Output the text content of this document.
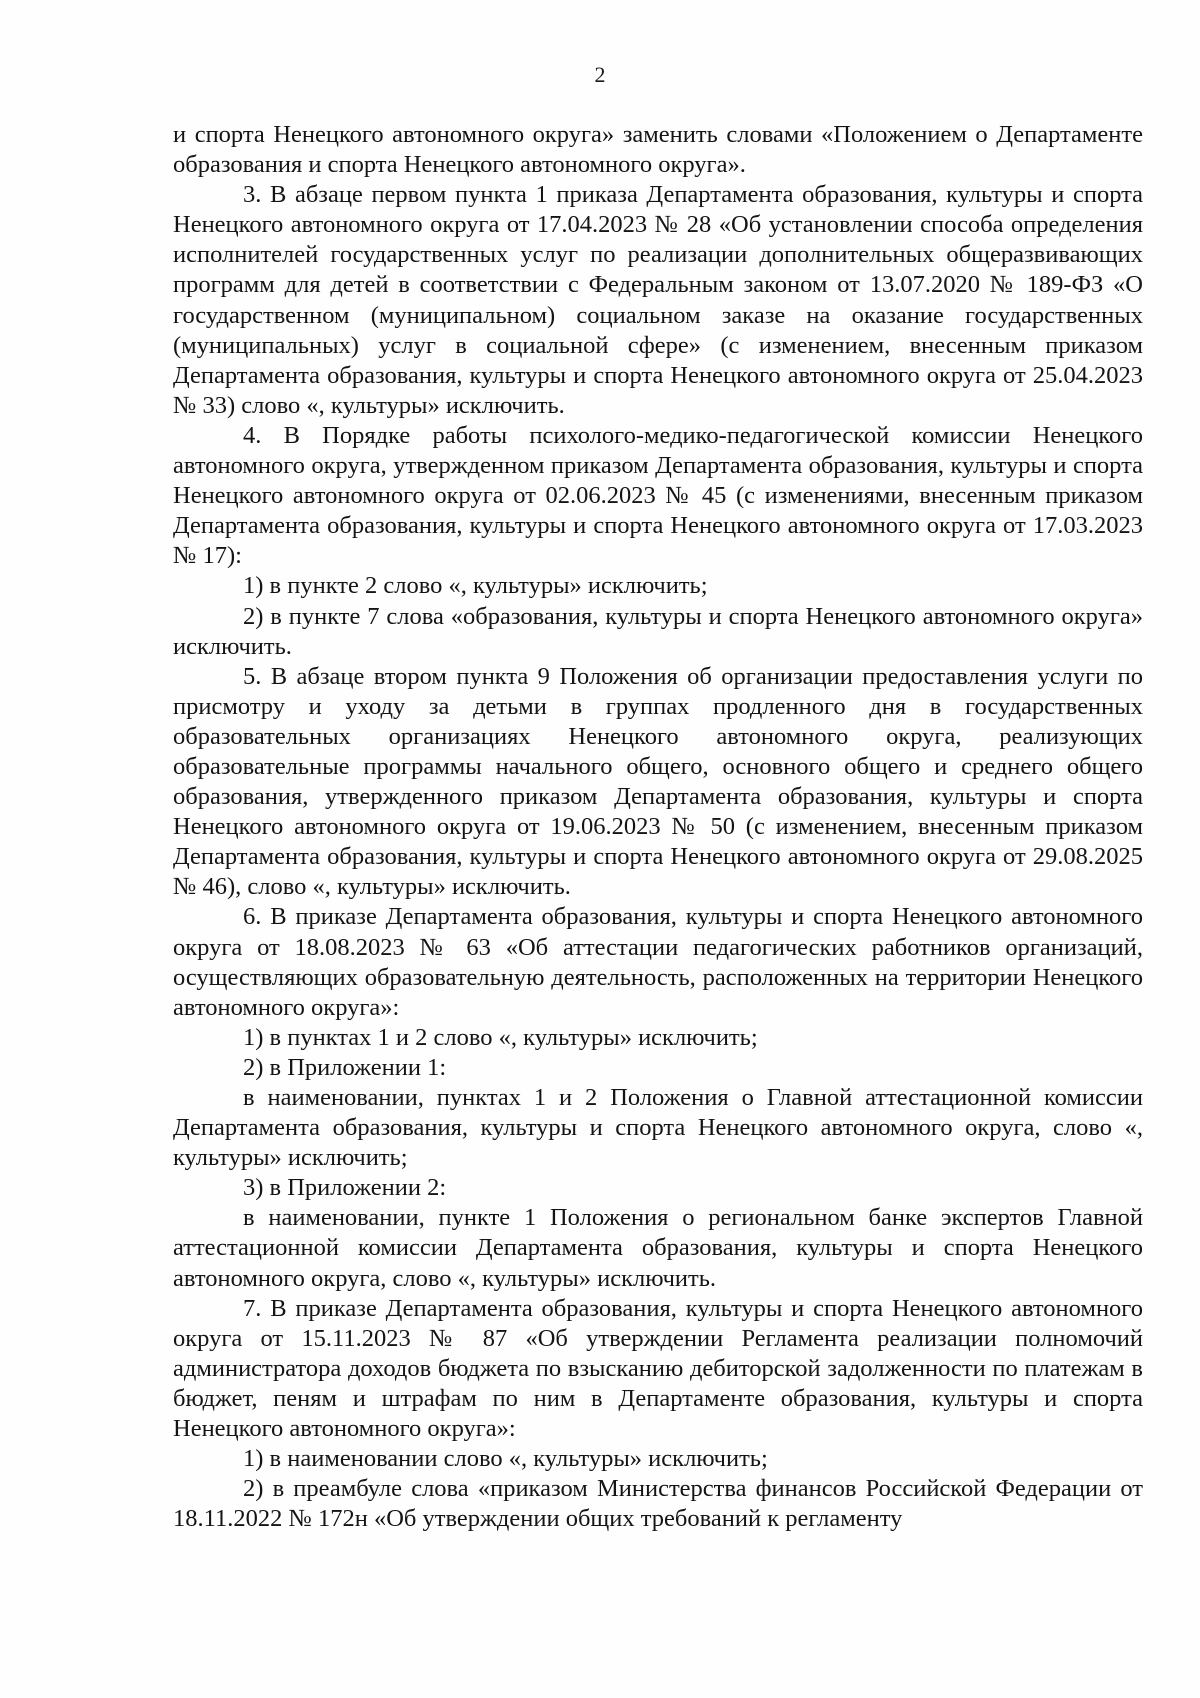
2

и спорта Ненецкого автономного округа» заменить словами «Положением о Департаменте образования и спорта Ненецкого автономного округа».

3. В абзаце первом пункта 1 приказа Департамента образования, культуры и спорта Ненецкого автономного округа от 17.04.2023 № 28 «Об установлении способа определения исполнителей государственных услуг по реализации дополнительных общеразвивающих программ для детей в соответствии с Федеральным законом от 13.07.2020 № 189-ФЗ «О государственном (муниципальном) социальном заказе на оказание государственных (муниципальных) услуг в социальной сфере» (с изменением, внесенным приказом Департамента образования, культуры и спорта Ненецкого автономного округа от 25.04.2023 № 33) слово «, культуры» исключить.

4. В Порядке работы психолого-медико-педагогической комиссии Ненецкого автономного округа, утвержденном приказом Департамента образования, культуры и спорта Ненецкого автономного округа от 02.06.2023 № 45 (с изменениями, внесенным приказом Департамента образования, культуры и спорта Ненецкого автономного округа от 17.03.2023 № 17):

1) в пункте 2 слово «, культуры» исключить;

2) в пункте 7 слова «образования, культуры и спорта Ненецкого автономного округа» исключить.

5. В абзаце втором пункта 9 Положения об организации предоставления услуги по присмотру и уходу за детьми в группах продленного дня в государственных образовательных организациях Ненецкого автономного округа, реализующих образовательные программы начального общего, основного общего и среднего общего образования, утвержденного приказом Департамента образования, культуры и спорта Ненецкого автономного округа от 19.06.2023 № 50 (с изменением, внесенным приказом Департамента образования, культуры и спорта Ненецкого автономного округа от 29.08.2025 № 46), слово «, культуры» исключить.

6. В приказе Департамента образования, культуры и спорта Ненецкого автономного округа от 18.08.2023 № 63 «Об аттестации педагогических работников организаций, осуществляющих образовательную деятельность, расположенных на территории Ненецкого автономного округа»:

1) в пунктах 1 и 2 слово «, культуры» исключить;

2) в Приложении 1:

в наименовании, пунктах 1 и 2 Положения о Главной аттестационной комиссии Департамента образования, культуры и спорта Ненецкого автономного округа, слово «, культуры» исключить;

3) в Приложении 2:

в наименовании, пункте 1 Положения о региональном банке экспертов Главной аттестационной комиссии Департамента образования, культуры и спорта Ненецкого автономного округа, слово «, культуры» исключить.

7. В приказе Департамента образования, культуры и спорта Ненецкого автономного округа от 15.11.2023 № 87 «Об утверждении Регламента реализации полномочий администратора доходов бюджета по взысканию дебиторской задолженности по платежам в бюджет, пеням и штрафам по ним в Департаменте образования, культуры и спорта Ненецкого автономного округа»:

1) в наименовании слово «, культуры» исключить;

2) в преамбуле слова «приказом Министерства финансов Российской Федерации от 18.11.2022 № 172н «Об утверждении общих требований к регламенту
